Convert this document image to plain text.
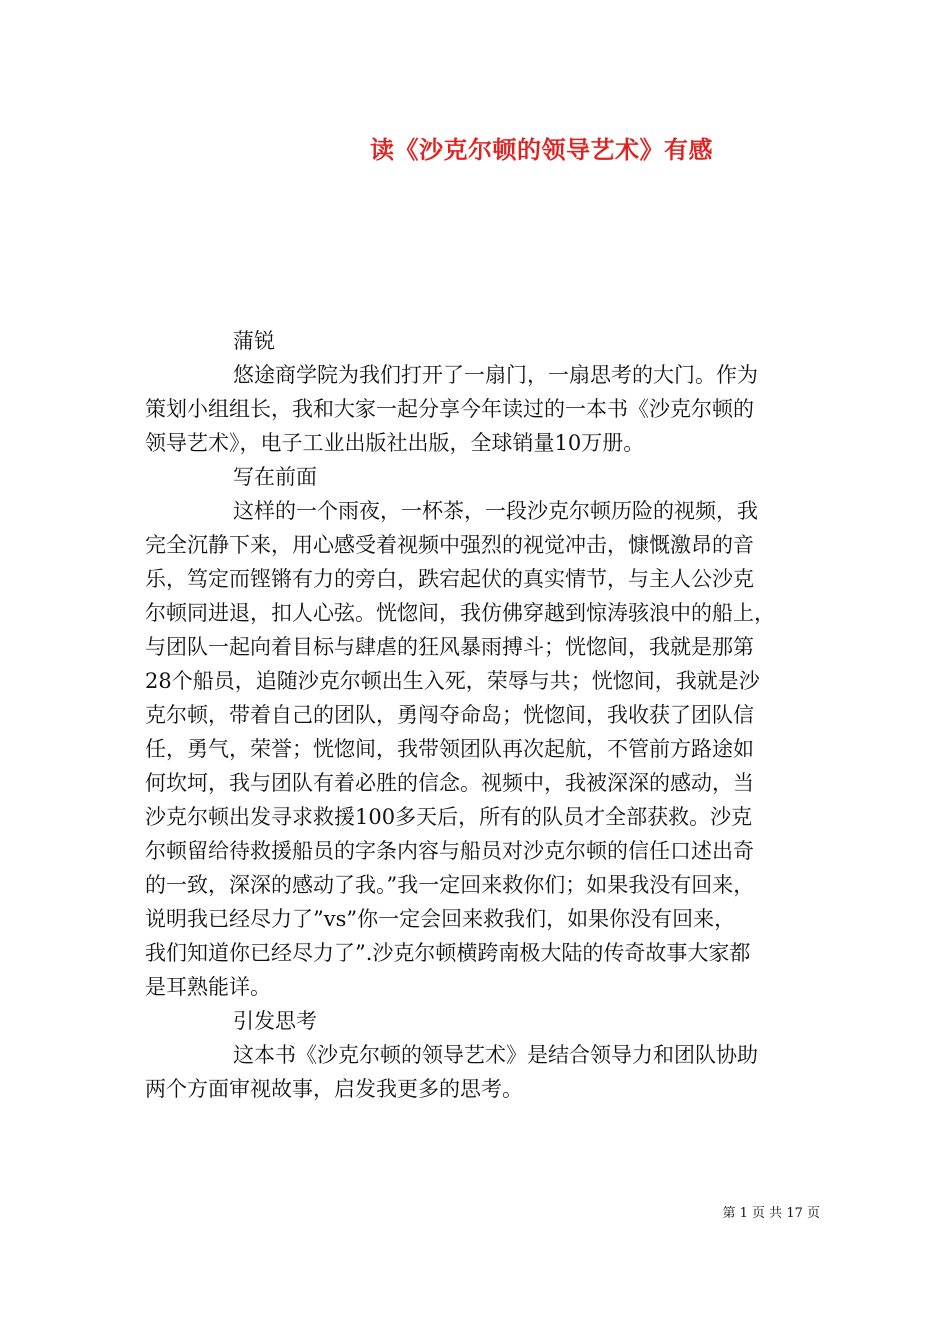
读《沙克尔顿的领导艺术》有感
蒲锐
悠途商学院为我们打开了一扇门，一扇思考的大门。作为
策划小组组长，我和大家一起分享今年读过的一本书《沙克尔顿的
领导艺术》，电子工业出版社出版，全球销量10万册。
写在前面
这样的一个雨夜，一杯茶，一段沙克尔顿历险的视频，我
完全沉静下来，用心感受着视频中强烈的视觉冲击，慷慨激昂的音
乐，笃定而铿锵有力的旁白，跌宕起伏的真实情节，与主人公沙克
尔顿同进退，扣人心弦。恍惚间，我仿佛穿越到惊涛骇浪中的船上，
与团队一起向着目标与肆虐的狂风暴雨搏斗；恍惚间，我就是那第
28个船员，追随沙克尔顿出生入死，荣辱与共；恍惚间，我就是沙
克尔顿，带着自己的团队，勇闯夺命岛；恍惚间，我收获了团队信
任，勇气，荣誉；恍惚间，我带领团队再次起航，不管前方路途如
何坎坷，我与团队有着必胜的信念。视频中，我被深深的感动，当
沙克尔顿出发寻求救援100多天后，所有的队员才全部获救。沙克
尔顿留给待救援船员的字条内容与船员对沙克尔顿的信任口述出奇
的一致，深深的感动了我。”我一定回来救你们；如果我没有回来，
说明我已经尽力了”vs”你一定会回来救我们，如果你没有回来，
我们知道你已经尽力了”.沙克尔顿横跨南极大陆的传奇故事大家都
是耳熟能详。
引发思考
这本书《沙克尔顿的领导艺术》是结合领导力和团队协助
两个方面审视故事，启发我更多的思考。
第 1 页 共 17 页
